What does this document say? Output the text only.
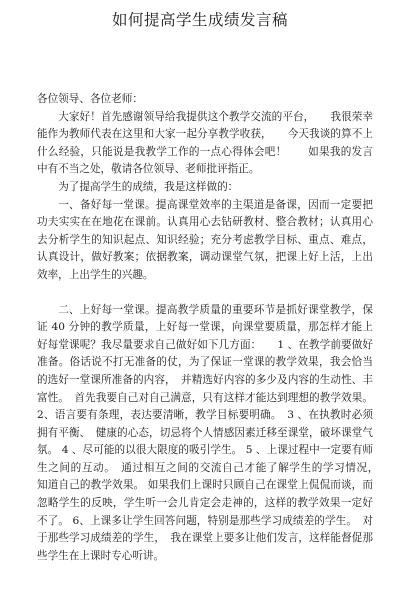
如何提高学生成绩发言稿

各位领导、各位老师：

大家好！首先感谢领导给我提供这个教学交流的平台，　　我很荣幸能作为教师代表在这里和大家一起分享教学收获，　　今天我谈的算不上什么经验，只能说是我教学工作的一点心得体会吧！　　如果我的发言中有不当之处，敬请各位领导、老师批评指正。

为了提高学生的成绩，我是这样做的：

一、备好每一堂课。提高课堂效率的主渠道是备课，因而一定要把功夫实实在在地花在课前。认真用心去钻研教材、整合教材；认真用心去分析学生的知识起点、知识经验；充分考虑教学目标、重点、难点，认真设计，做好教案；依据教案，调动课堂气氛，把课上好上活，上出效率，上出学生的兴趣。

二、上好每一堂课。提高教学质量的重要环节是抓好课堂教学，保证 40 分钟的教学质量，上好每一堂课，向课堂要质量，那怎样才能上好每堂课呢？我尽量要求自己做好如下几方面：　　1 、在教学前要做好准备。俗话说不打无准备的仗，为了保证一堂课的教学效果，我会恰当的选好一堂课所准备的内容，　并精选好内容的多少及内容的生动性、丰富性。　首先我要自己对自己满意，只有这样才能达到理想的教学效果。 2、语言要有条理，表达要清晰，教学目标要明确。　3 、在执教时必须拥有平衡、　健康的心态，切忌将个人情感因素迁移至课堂，破坏课堂气氛。 4 、尽可能的以很大限度的吸引学生。 5 、上课过程中一定要有师生之间的互动。　通过相互之间的交流自己才能了解学生的学习情况，　知道自己的教学效果。 如果我们上课时只顾自己在课堂上侃侃而谈，而忽略学生的反映，学生听一会儿肯定会走神的，这样的教学效果一定好不了。 6、上课多让学生回答问题，特别是那些学习成绩差的学生。　对于那些学习成绩差的学生，　我在课堂上要多让他们发言，这样能督促那些学生在上课时专心听讲。
